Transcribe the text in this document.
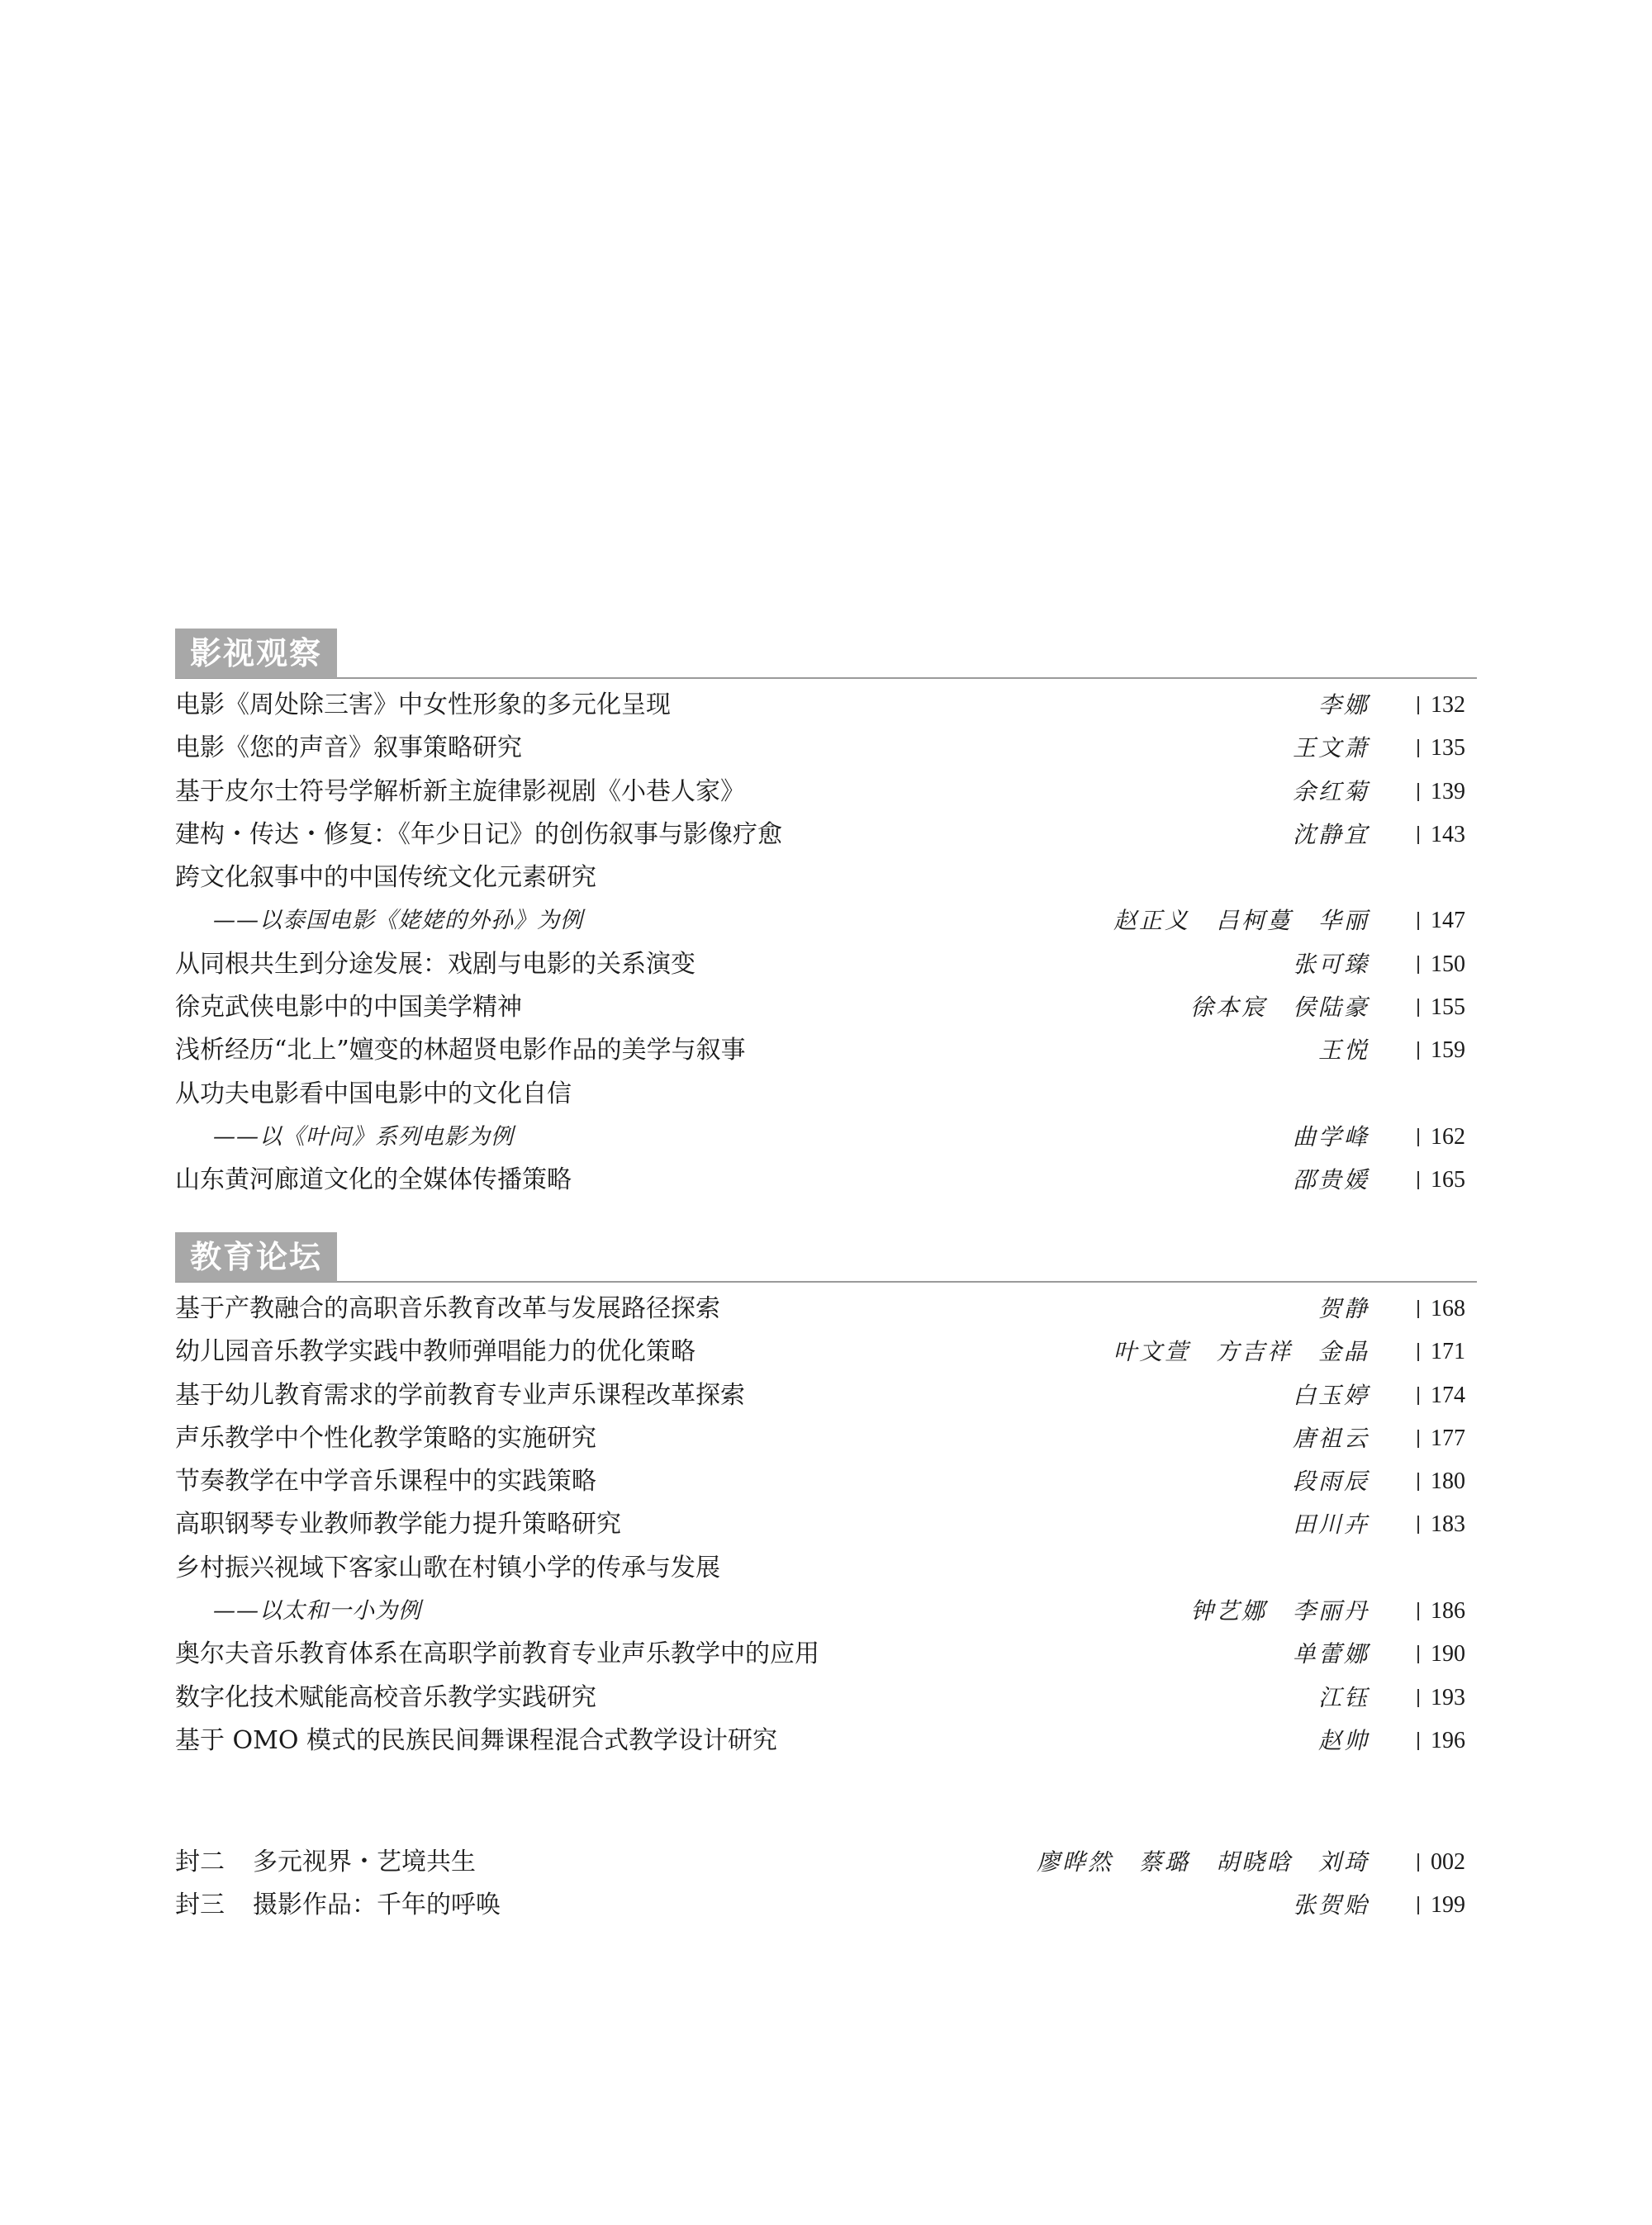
影视观察
电影《周处除三害》中女性形象的多元化呈现	李娜	132
电影《您的声音》叙事策略研究	王文萧	135
基于皮尔士符号学解析新主旋律影视剧《小巷人家》	余红菊	139
建构・传达・修复：《年少日记》的创伤叙事与影像疗愈	沈静宜	143
跨文化叙事中的中国传统文化元素研究
——以泰国电影《姥姥的外孙》为例	赵正义　吕柯蔓　华丽	147
从同根共生到分途发展：戏剧与电影的关系演变	张可臻	150
徐克武侠电影中的中国美学精神	徐本宸　侯陆豪	155
浅析经历“北上”嬗变的林超贤电影作品的美学与叙事	王悦	159
从功夫电影看中国电影中的文化自信
——以《叶问》系列电影为例	曲学峰	162
山东黄河廊道文化的全媒体传播策略	邵贵媛	165
教育论坛
基于产教融合的高职音乐教育改革与发展路径探索	贺静	168
幼儿园音乐教学实践中教师弹唱能力的优化策略	叶文萱　方吉祥　金晶	171
基于幼儿教育需求的学前教育专业声乐课程改革探索	白玉婷	174
声乐教学中个性化教学策略的实施研究	唐祖云	177
节奏教学在中学音乐课程中的实践策略	段雨辰	180
高职钢琴专业教师教学能力提升策略研究	田川卉	183
乡村振兴视域下客家山歌在村镇小学的传承与发展
——以太和一小为例	钟艺娜　李丽丹	186
奥尔夫音乐教育体系在高职学前教育专业声乐教学中的应用	单蕾娜	190
数字化技术赋能高校音乐教学实践研究	江钰	193
基于 OMO 模式的民族民间舞课程混合式教学设计研究	赵帅	196
封二 多元视界・艺境共生	廖晔然　蔡璐　胡晓晗　刘琦	002
封三 摄影作品：千年的呼唤	张贺贻	199
